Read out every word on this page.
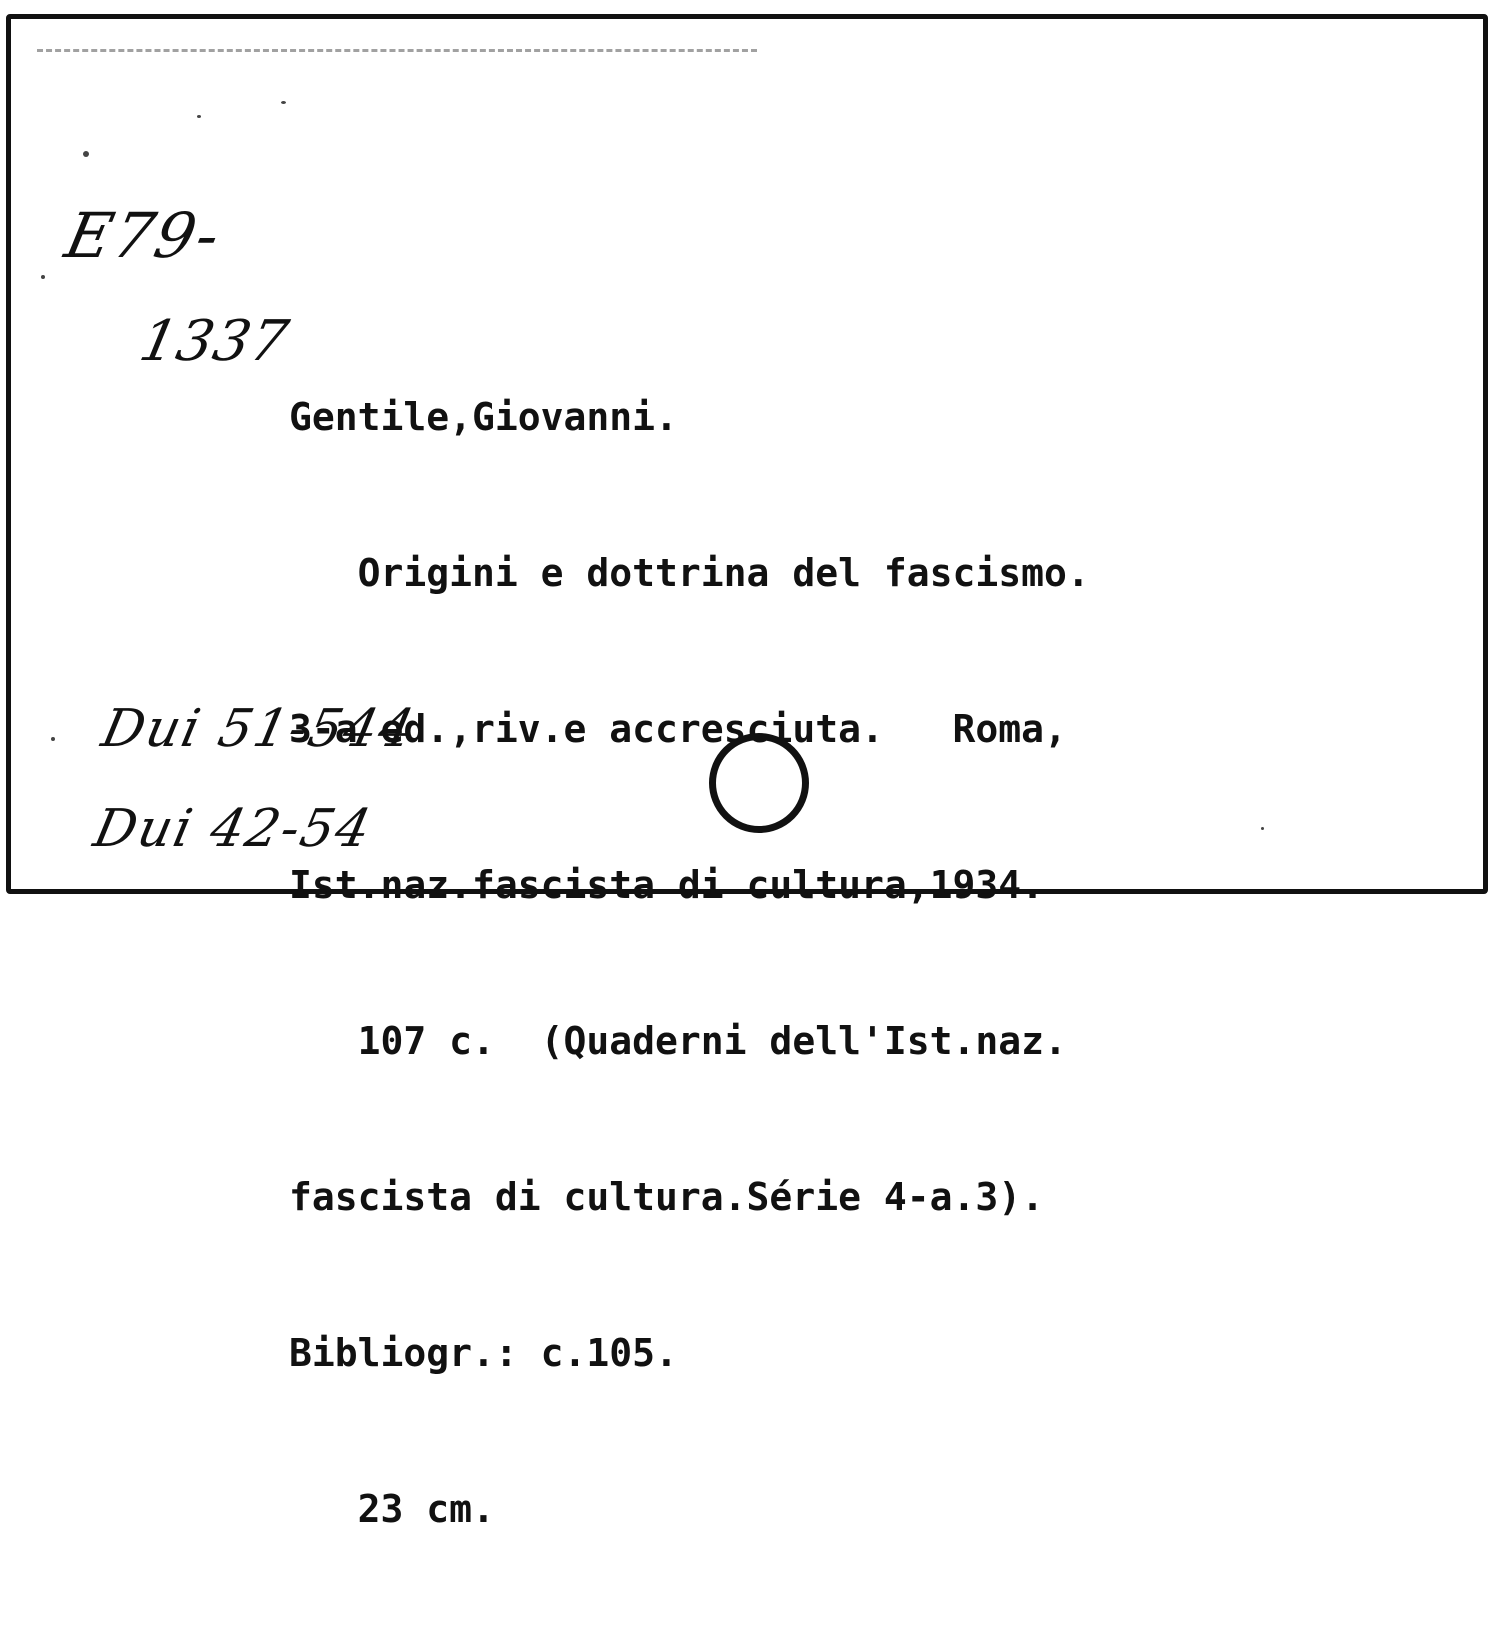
E79-
1337

Gentile,Giovanni.

Origini e dottrina del fascismo.

3-a ed.,riv.e accresciuta.   Roma,

Ist.naz.fascista di cultura,1934.

107 c.  (Quaderni dell'Ist.naz.

fascista di cultura.Série 4-a.3).

Bibliogr.: c.105.

23 cm.

Dui 51-544
Dui 42-54
